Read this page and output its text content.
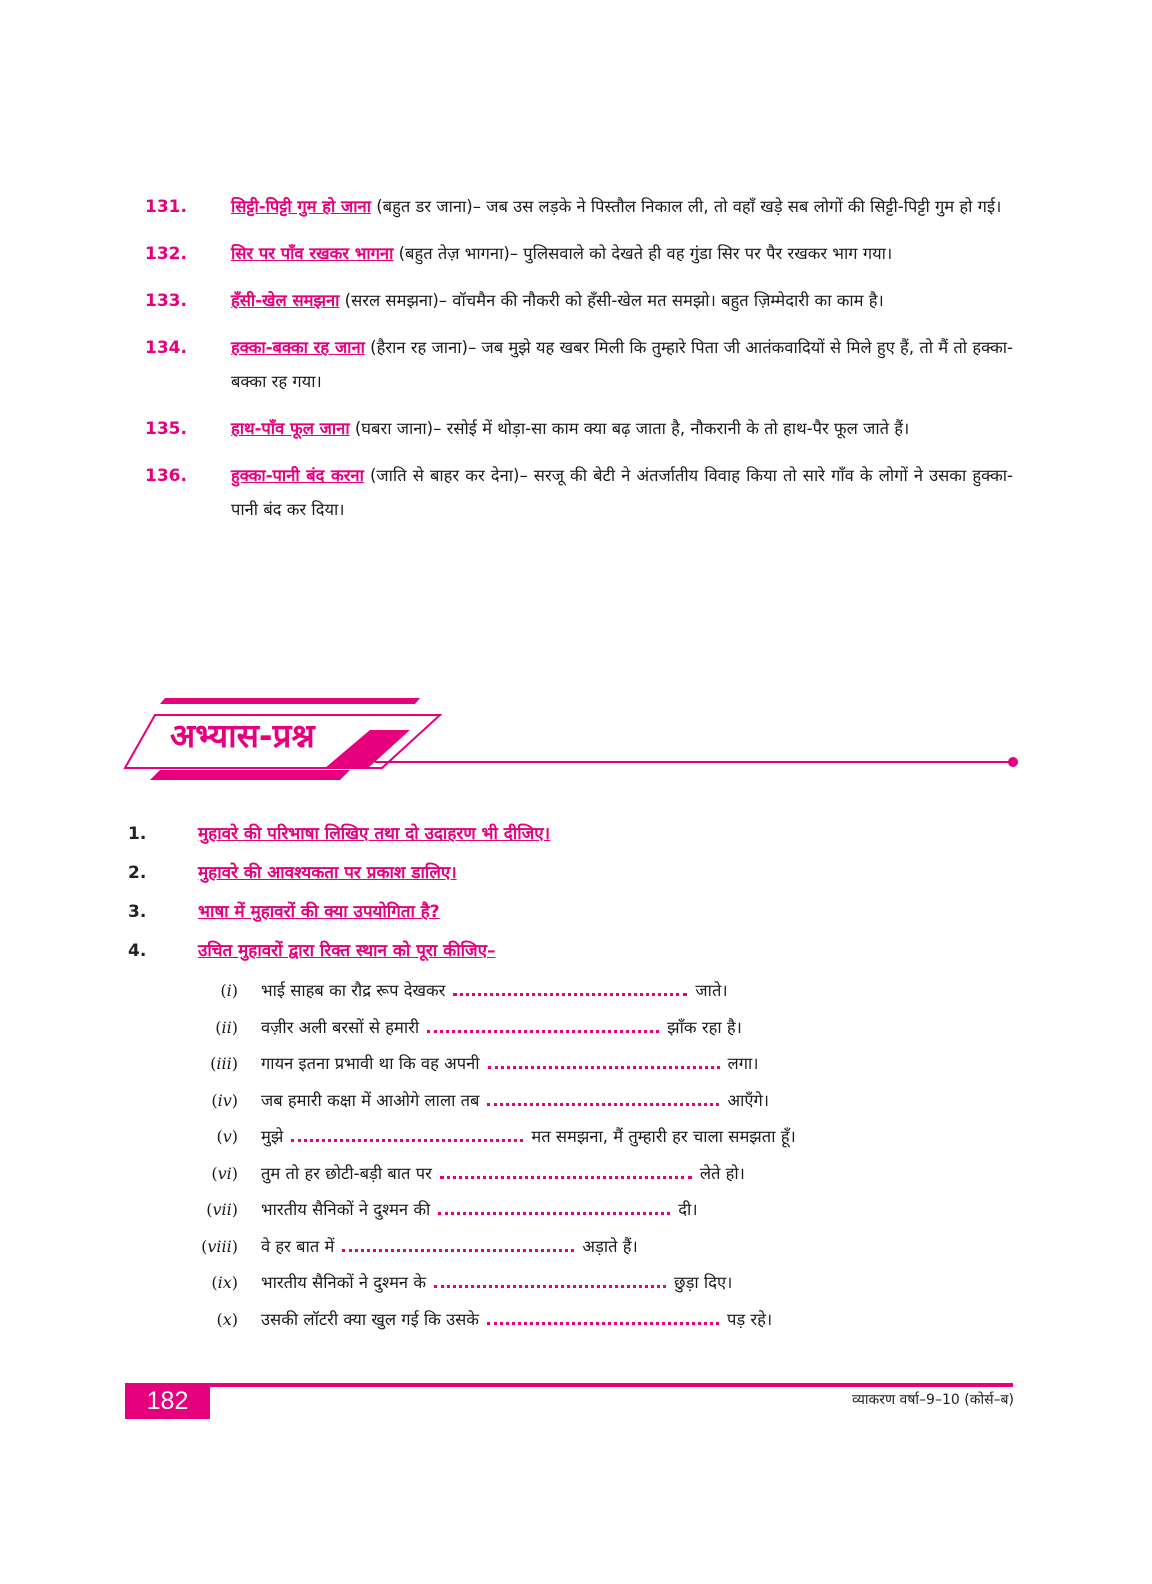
131.	सिट्टी-पिट्टी गुम हो जाना (बहुत डर जाना)– जब उस लड़के ने पिस्तौल निकाल ली, तो वहाँ खड़े सब लोगों की सिट्टी-पिट्टी गुम हो गई।
132.	सिर पर पाँव रखकर भागना (बहुत तेज़ भागना)– पुलिसवाले को देखते ही वह गुंडा सिर पर पैर रखकर भाग गया।
133.	हँसी-खेल समझना (सरल समझना)– वॉचमैन की नौकरी को हँसी-खेल मत समझो। बहुत ज़िम्मेदारी का काम है।
134.	हक्का-बक्का रह जाना (हैरान रह जाना)– जब मुझे यह खबर मिली कि तुम्हारे पिता जी आतंकवादियों से मिले हुए हैं, तो मैं तो हक्का-बक्का रह गया।
135.	हाथ-पाँव फूल जाना (घबरा जाना)– रसोई में थोड़ा-सा काम क्या बढ़ जाता है, नौकरानी के तो हाथ-पैर फूल जाते हैं।
136.	हुक्का-पानी बंद करना (जाति से बाहर कर देना)– सरजू की बेटी ने अंतर्जातीय विवाह किया तो सारे गाँव के लोगों ने उसका हुक्का-पानी बंद कर दिया।
अभ्यास-प्रश्न
1.	मुहावरे की परिभाषा लिखिए तथा दो उदाहरण भी दीजिए।
2.	मुहावरे की आवश्यकता पर प्रकाश डालिए।
3.	भाषा में मुहावरों की क्या उपयोगिता है?
4.	उचित मुहावरों द्वारा रिक्त स्थान को पूरा कीजिए–
(i)	भाई साहब का रौद्र रूप देखकर	जाते।
(ii)	वज़ीर अली बरसों से हमारी	झाँक रहा है।
(iii)	गायन इतना प्रभावी था कि वह अपनी	लगा।
(iv)	जब हमारी कक्षा में आओगे लाला तब	आएँगे।
(v)	मुझे	मत समझना, मैं तुम्हारी हर चाला समझता हूँ।
(vi)	तुम तो हर छोटी-बड़ी बात पर	लेते हो।
(vii)	भारतीय सैनिकों ने दुश्मन की	दी।
(viii)	वे हर बात में	अड़ाते हैं।
(ix)	भारतीय सैनिकों ने दुश्मन के	छुड़ा दिए।
(x)	उसकी लॉटरी क्या खुल गई कि उसके	पड़ रहे।
182	व्याकरण वर्षा–9–10 (कोर्स–ब)
